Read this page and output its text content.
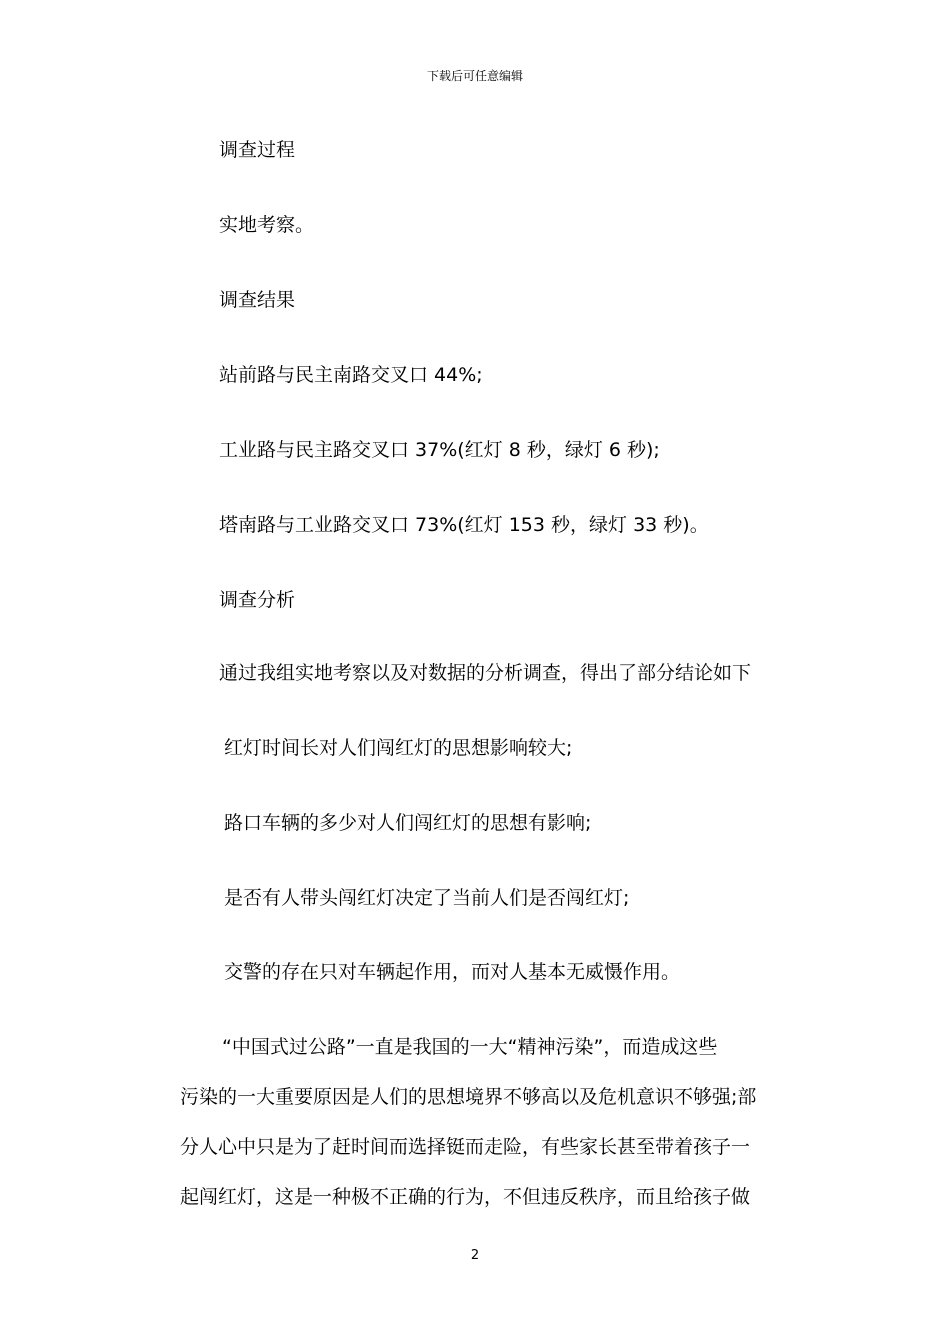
下载后可任意编辑
调查过程
实地考察。
调查结果
站前路与民主南路交叉口 44%;
工业路与民主路交叉口 37%(红灯 8 秒，绿灯 6 秒);
塔南路与工业路交叉口 73%(红灯 153 秒，绿灯 33 秒)。
调查分析
通过我组实地考察以及对数据的分析调查，得出了部分结论如下
红灯时间长对人们闯红灯的思想影响较大;
路口车辆的多少对人们闯红灯的思想有影响;
是否有人带头闯红灯决定了当前人们是否闯红灯;
交警的存在只对车辆起作用，而对人基本无威慑作用。
“中国式过公路”一直是我国的一大“精神污染”，而造成这些
污染的一大重要原因是人们的思想境界不够高以及危机意识不够强;部
分人心中只是为了赶时间而选择铤而走险，有些家长甚至带着孩子一
起闯红灯，这是一种极不正确的行为，不但违反秩序，而且给孩子做
2
